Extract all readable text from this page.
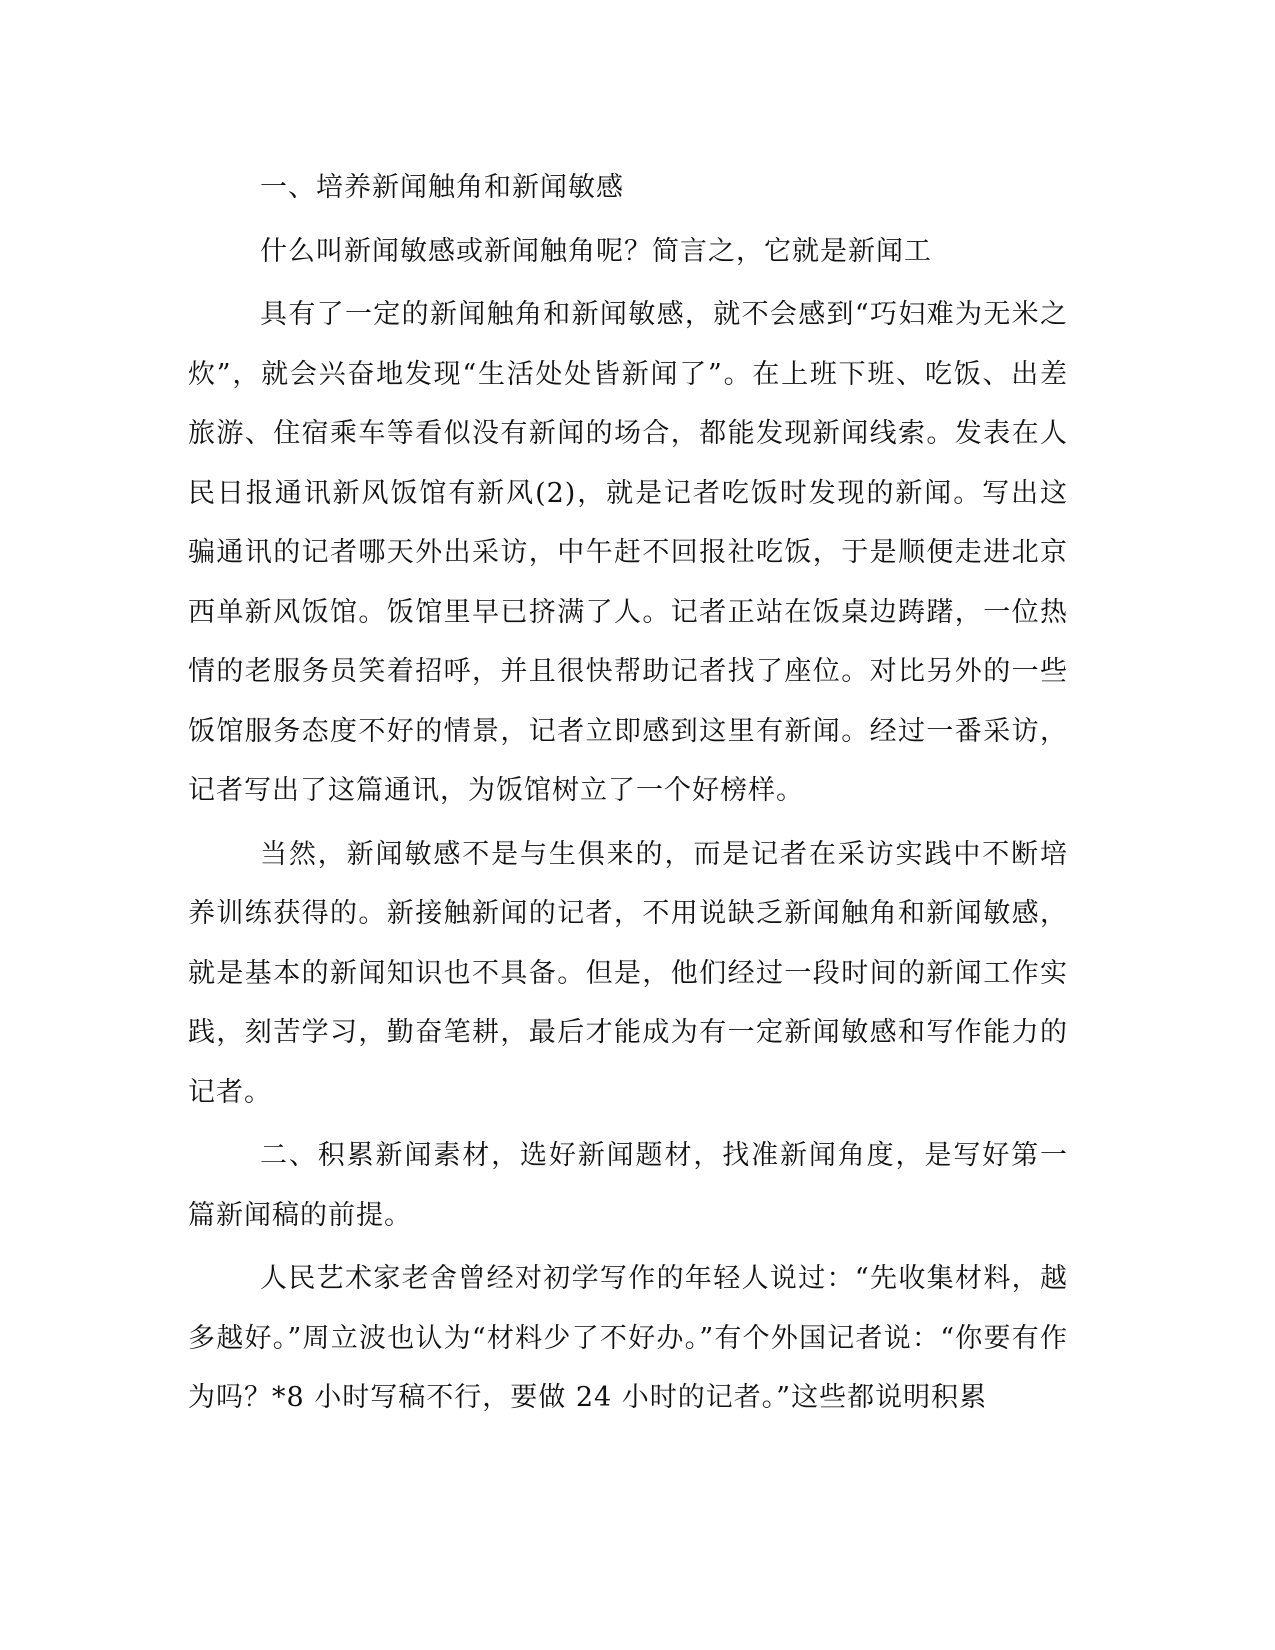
一、培养新闻触角和新闻敏感

什么叫新闻敏感或新闻触角呢？简言之，它就是新闻工

具有了一定的新闻触角和新闻敏感，就不会感到“巧妇难为无米之炊”，就会兴奋地发现“生活处处皆新闻了”。在上班下班、吃饭、出差旅游、住宿乘车等看似没有新闻的场合，都能发现新闻线索。发表在人民日报通讯新风饭馆有新风(2)，就是记者吃饭时发现的新闻。写出这骗通讯的记者哪天外出采访，中午赶不回报社吃饭，于是顺便走进北京西单新风饭馆。饭馆里早已挤满了人。记者正站在饭桌边踌躇，一位热情的老服务员笑着招呼，并且很快帮助记者找了座位。对比另外的一些饭馆服务态度不好的情景，记者立即感到这里有新闻。经过一番采访，记者写出了这篇通讯，为饭馆树立了一个好榜样。

当然，新闻敏感不是与生俱来的，而是记者在采访实践中不断培养训练获得的。新接触新闻的记者，不用说缺乏新闻触角和新闻敏感，就是基本的新闻知识也不具备。但是，他们经过一段时间的新闻工作实践，刻苦学习，勤奋笔耕，最后才能成为有一定新闻敏感和写作能力的记者。

二、积累新闻素材，选好新闻题材，找准新闻角度，是写好第一篇新闻稿的前提。

人民艺术家老舍曾经对初学写作的年轻人说过：“先收集材料，越多越好。”周立波也认为“材料少了不好办。”有个外国记者说：“你要有作为吗？*8 小时写稿不行，要做 24 小时的记者。”这些都说明积累
